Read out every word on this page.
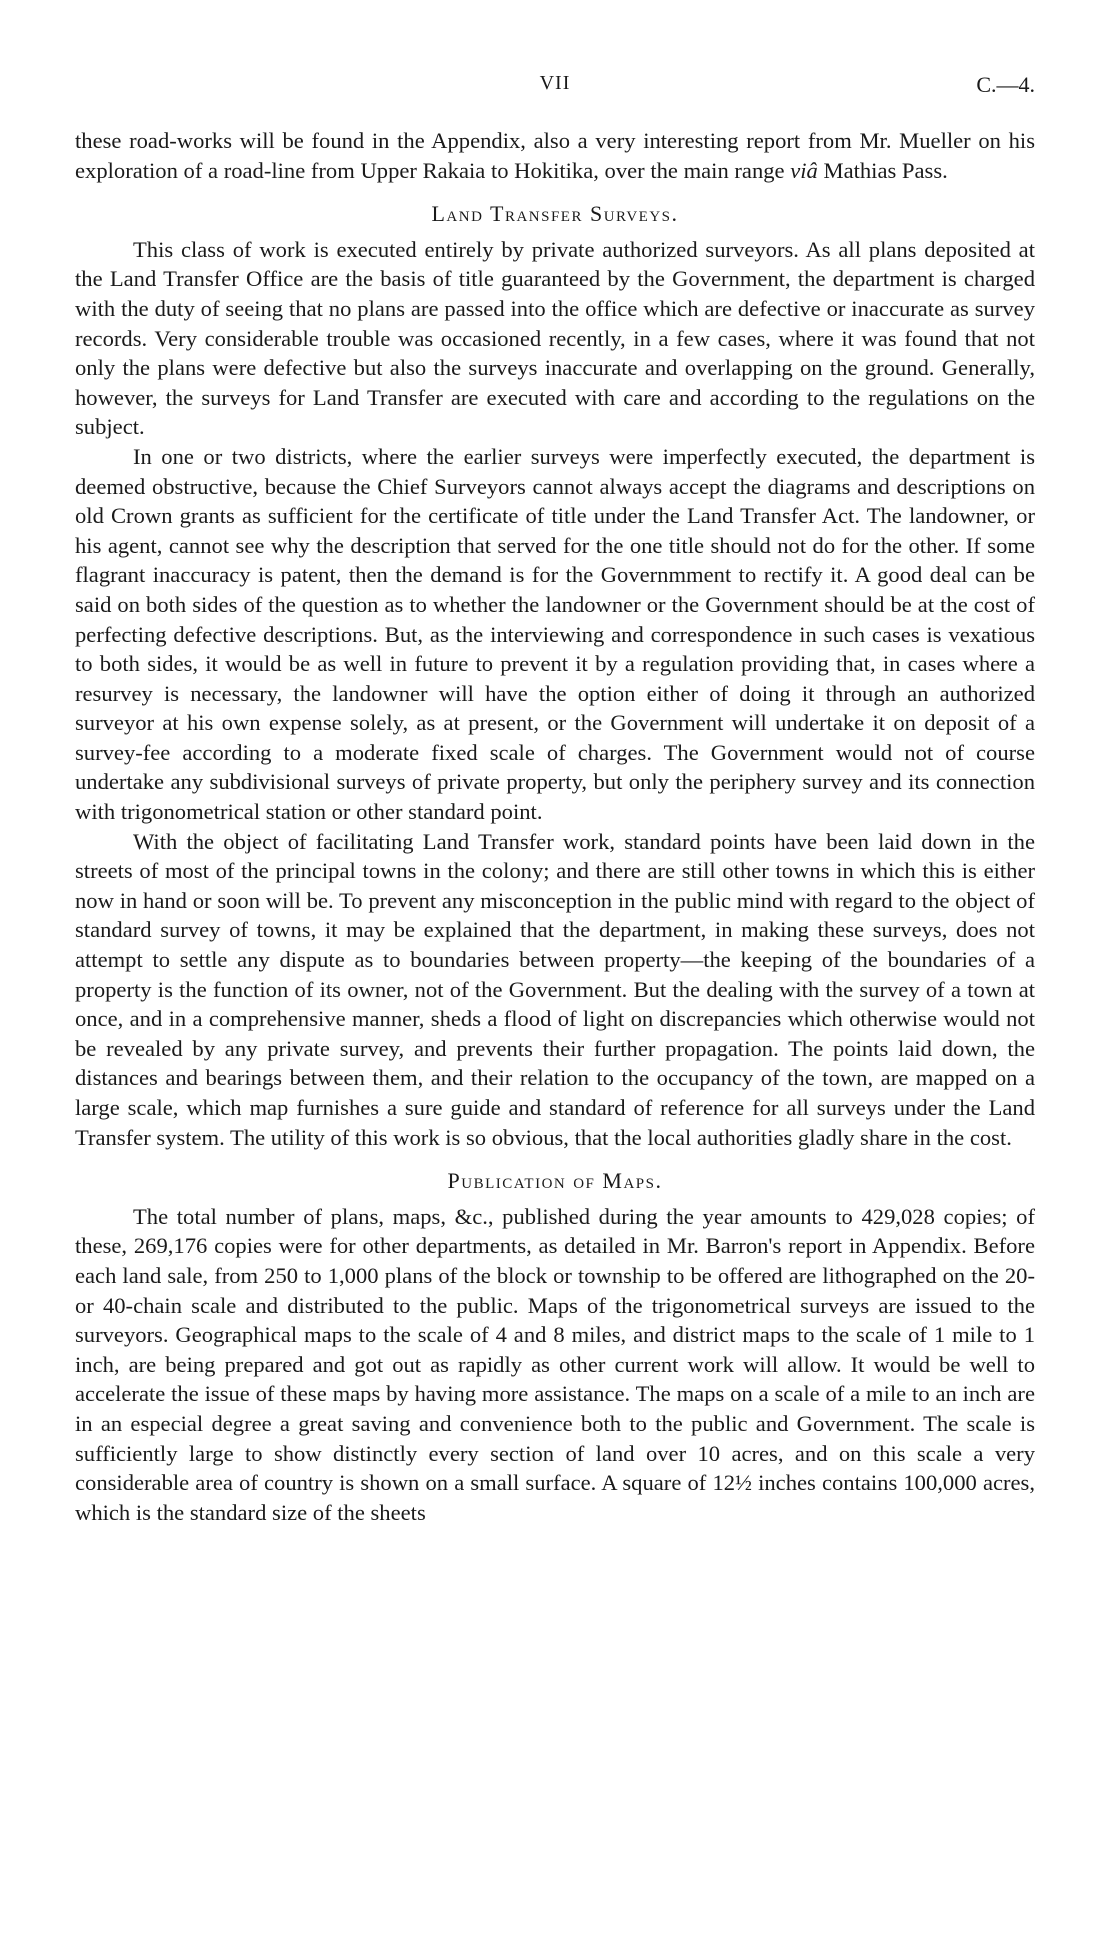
VII	C.—4.

these road-works will be found in the Appendix, also a very interesting report from Mr. Mueller on his exploration of a road-line from Upper Rakaia to Hokitika, over the main range viâ Mathias Pass.

Land Transfer Surveys.

This class of work is executed entirely by private authorized surveyors. As all plans deposited at the Land Transfer Office are the basis of title guaranteed by the Government, the department is charged with the duty of seeing that no plans are passed into the office which are defective or inaccurate as survey records. Very considerable trouble was occasioned recently, in a few cases, where it was found that not only the plans were defective but also the surveys inaccurate and overlapping on the ground. Generally, however, the surveys for Land Transfer are executed with care and according to the regulations on the subject.

In one or two districts, where the earlier surveys were imperfectly executed, the department is deemed obstructive, because the Chief Surveyors cannot always accept the diagrams and descriptions on old Crown grants as sufficient for the certificate of title under the Land Transfer Act. The landowner, or his agent, cannot see why the description that served for the one title should not do for the other. If some flagrant inaccuracy is patent, then the demand is for the Governmment to rectify it. A good deal can be said on both sides of the question as to whether the landowner or the Government should be at the cost of perfecting defective descriptions. But, as the interviewing and correspondence in such cases is vexatious to both sides, it would be as well in future to prevent it by a regulation providing that, in cases where a resurvey is necessary, the landowner will have the option either of doing it through an authorized surveyor at his own expense solely, as at present, or the Government will undertake it on deposit of a survey-fee according to a moderate fixed scale of charges. The Government would not of course undertake any subdivisional surveys of private property, but only the periphery survey and its connection with trigonometrical station or other standard point.

With the object of facilitating Land Transfer work, standard points have been laid down in the streets of most of the principal towns in the colony; and there are still other towns in which this is either now in hand or soon will be. To prevent any misconception in the public mind with regard to the object of standard survey of towns, it may be explained that the department, in making these surveys, does not attempt to settle any dispute as to boundaries between property—the keeping of the boundaries of a property is the function of its owner, not of the Government. But the dealing with the survey of a town at once, and in a comprehensive manner, sheds a flood of light on discrepancies which otherwise would not be revealed by any private survey, and prevents their further propagation. The points laid down, the distances and bearings between them, and their relation to the occupancy of the town, are mapped on a large scale, which map furnishes a sure guide and standard of reference for all surveys under the Land Transfer system. The utility of this work is so obvious, that the local authorities gladly share in the cost.

Publication of Maps.

The total number of plans, maps, &c., published during the year amounts to 429,028 copies; of these, 269,176 copies were for other departments, as detailed in Mr. Barron's report in Appendix. Before each land sale, from 250 to 1,000 plans of the block or township to be offered are lithographed on the 20- or 40-chain scale and distributed to the public. Maps of the trigonometrical surveys are issued to the surveyors. Geographical maps to the scale of 4 and 8 miles, and district maps to the scale of 1 mile to 1 inch, are being prepared and got out as rapidly as other current work will allow. It would be well to accelerate the issue of these maps by having more assistance. The maps on a scale of a mile to an inch are in an especial degree a great saving and convenience both to the public and Government. The scale is sufficiently large to show distinctly every section of land over 10 acres, and on this scale a very considerable area of country is shown on a small surface. A square of 12½ inches contains 100,000 acres, which is the standard size of the sheets
